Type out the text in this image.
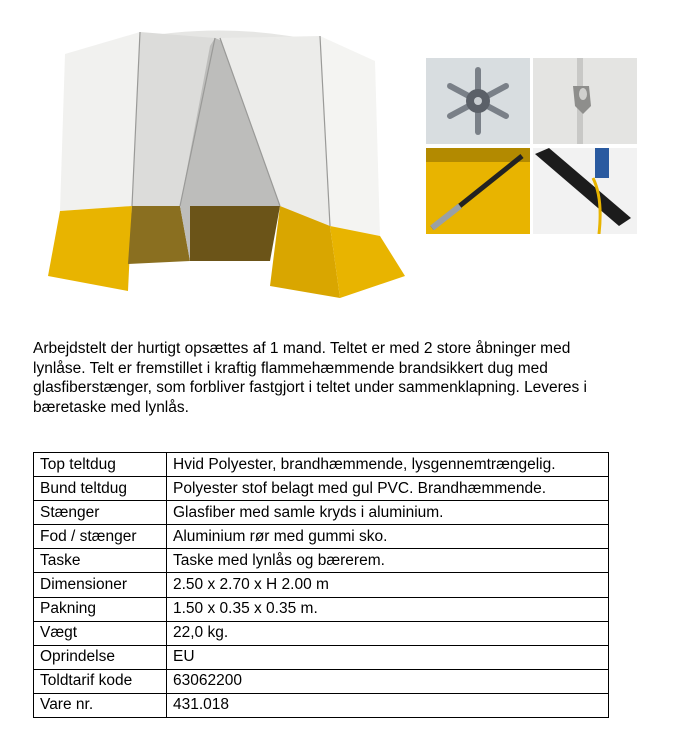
Arbejdstelt der hurtigt opsættes af 1 mand. Teltet er med 2 store åbninger med lynlåse. Telt er fremstillet i kraftig flammehæmmende brandsikkert dug med glasfiberstænger, som forbliver fastgjort i teltet under sammenklapning. Leveres i bæretaske med lynlås.

Top teltdug	Hvid Polyester, brandhæmmende, lysgennemtrængelig.
Bund teltdug	Polyester stof belagt med gul PVC. Brandhæmmende.
Stænger	Glasfiber med samle kryds i aluminium.
Fod / stænger	Aluminium rør med gummi sko.
Taske	Taske med lynlås og bærerem.
Dimensioner	2.50 x 2.70 x H 2.00 m
Pakning	1.50 x 0.35 x 0.35 m.
Vægt	22,0 kg.
Oprindelse	EU
Toldtarif kode	63062200
Vare nr.	431.018
